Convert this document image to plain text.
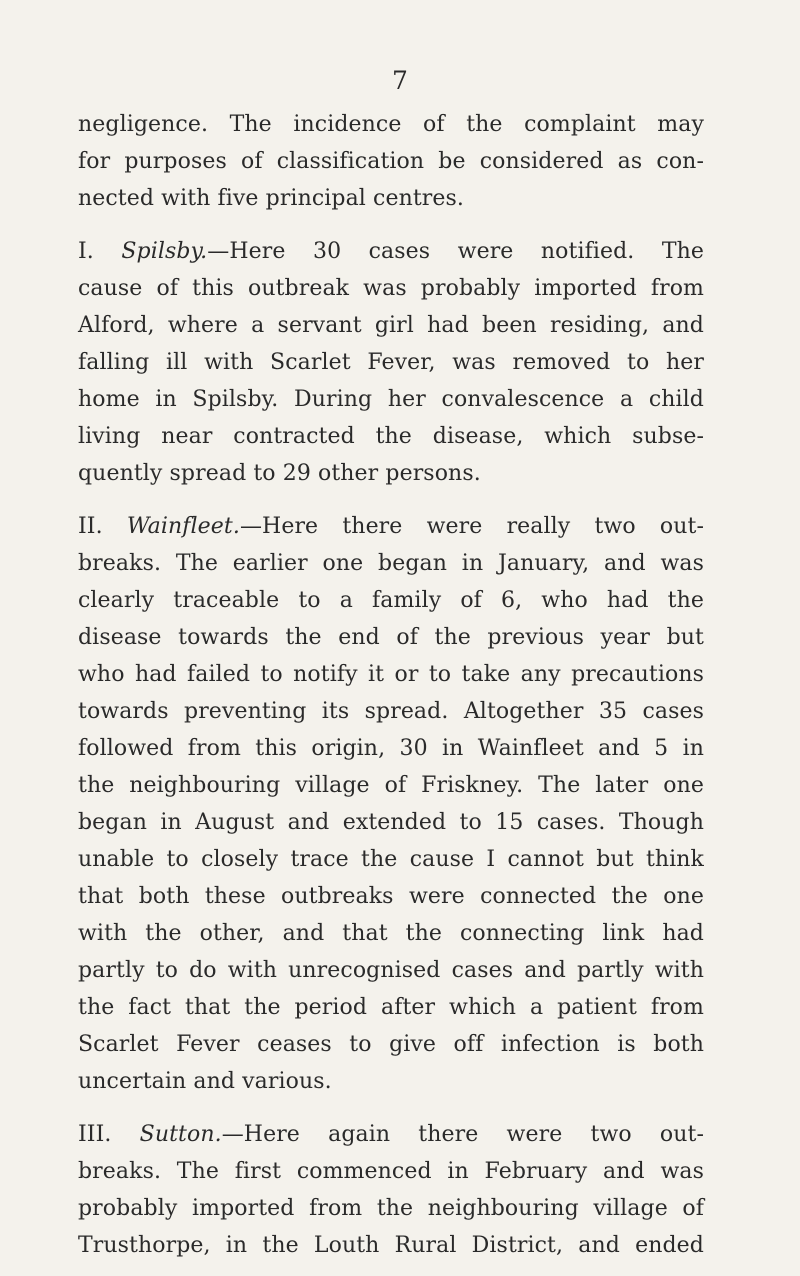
7
negligence. The incidence of the complaint may
for purposes of classification be considered as con-
nected with five principal centres.
I. Spilsby.—Here 30 cases were notified. The
cause of this outbreak was probably imported from
Alford, where a servant girl had been residing, and
falling ill with Scarlet Fever, was removed to her
home in Spilsby. During her convalescence a child
living near contracted the disease, which subse-
quently spread to 29 other persons.
II. Wainfleet.—Here there were really two out-
breaks. The earlier one began in January, and was
clearly traceable to a family of 6, who had the
disease towards the end of the previous year but
who had failed to notify it or to take any precautions
towards preventing its spread. Altogether 35 cases
followed from this origin, 30 in Wainfleet and 5 in
the neighbouring village of Friskney. The later one
began in August and extended to 15 cases. Though
unable to closely trace the cause I cannot but think
that both these outbreaks were connected the one
with the other, and that the connecting link had
partly to do with unrecognised cases and partly with
the fact that the period after which a patient from
Scarlet Fever ceases to give off infection is both
uncertain and various.
III. Sutton.—Here again there were two out-
breaks. The first commenced in February and was
probably imported from the neighbouring village of
Trusthorpe, in the Louth Rural District, and ended
